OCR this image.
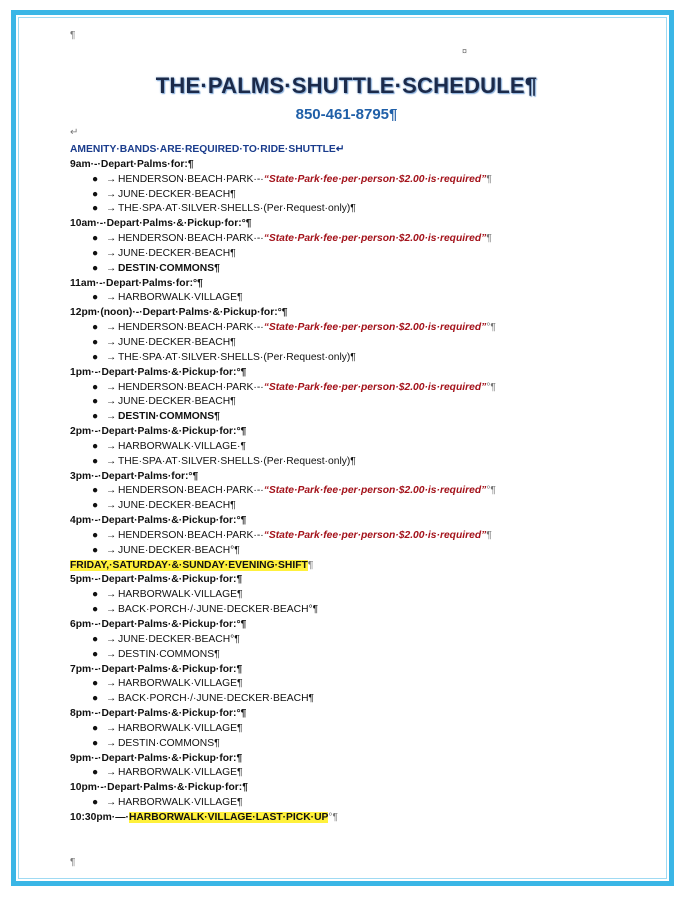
¶
¤
THE·PALMS·SHUTTLE·SCHEDULE¶
850-461-8795¶
↵
AMENITY·BANDS·ARE·REQUIRED·TO·RIDE·SHUTTLE↵
9am·-·Depart·Palms·for:¶
● → HENDERSON·BEACH·PARK·-·“State·Park·fee·per·person·$2.00·is·required”¶
● → JUNE·DECKER·BEACH¶
● → THE·SPA·AT·SILVER·SHELLS·(Per·Request·only)¶
10am·-·Depart·Palms·&·Pickup·for:°¶
● → HENDERSON·BEACH·PARK·-·“State·Park·fee·per·person·$2.00·is·required”¶
● → JUNE·DECKER·BEACH¶
● → DESTIN·COMMONS¶
11am·-·Depart·Palms·for:°¶
● → HARBORWALK·VILLAGE¶
12pm·(noon)·-·Depart·Palms·&·Pickup·for:°¶
● → HENDERSON·BEACH·PARK·-·“State·Park·fee·per·person·$2.00·is·required”°¶
● → JUNE·DECKER·BEACH¶
● → THE·SPA·AT·SILVER·SHELLS·(Per·Request·only)¶
1pm·-·Depart·Palms·&·Pickup·for:°¶
● → HENDERSON·BEACH·PARK·-·“State·Park·fee·per·person·$2.00·is·required”°¶
● → JUNE·DECKER·BEACH¶
● → DESTIN·COMMONS¶
2pm·-·Depart·Palms·&·Pickup·for:°¶
● → HARBORWALK·VILLAGE·¶
● → THE·SPA·AT·SILVER·SHELLS·(Per·Request·only)¶
3pm·-·Depart·Palms·for:°¶
● → HENDERSON·BEACH·PARK·-·“State·Park·fee·per·person·$2.00·is·required”°¶
● → JUNE·DECKER·BEACH¶
4pm·-·Depart·Palms·&·Pickup·for:°¶
● → HENDERSON·BEACH·PARK·-·“State·Park·fee·per·person·$2.00·is·required”¶
● → JUNE·DECKER·BEACH°¶
FRIDAY,·SATURDAY·&·SUNDAY·EVENING·SHIFT¶
5pm·-·Depart·Palms·&·Pickup·for:¶
● → HARBORWALK·VILLAGE¶
● → BACK·PORCH·/·JUNE·DECKER·BEACH°¶
6pm·-·Depart·Palms·&·Pickup·for:°¶
● → JUNE·DECKER·BEACH°¶
● → DESTIN·COMMONS¶
7pm·-·Depart·Palms·&·Pickup·for:¶
● → HARBORWALK·VILLAGE¶
● → BACK·PORCH·/·JUNE·DECKER·BEACH¶
8pm·-·Depart·Palms·&·Pickup·for:°¶
● → HARBORWALK·VILLAGE¶
● → DESTIN·COMMONS¶
9pm·-·Depart·Palms·&·Pickup·for:¶
● → HARBORWALK·VILLAGE¶
10pm·-·Depart·Palms·&·Pickup·for:¶
● → HARBORWALK·VILLAGE¶
10:30pm·—·HARBORWALK·VILLAGE·LAST·PICK·UP°¶
¶
